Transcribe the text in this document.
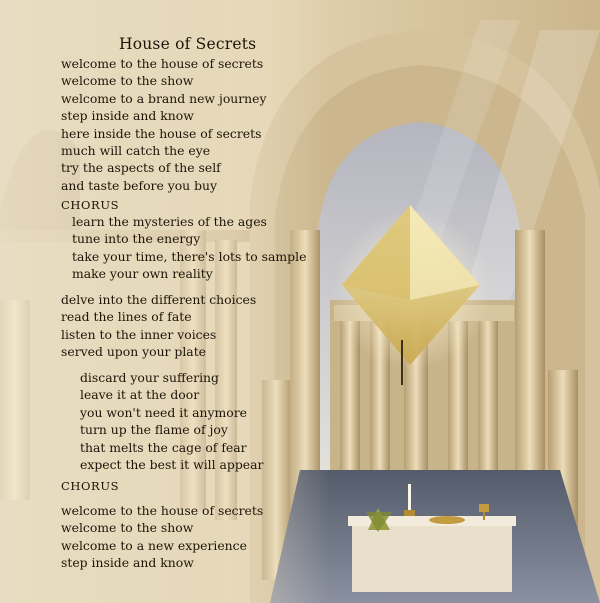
House of Secrets
welcome to the house of secrets
welcome to the show
welcome to a brand new journey
step inside and know
here inside the house of secrets
much will catch the eye
try the aspects of the self
and taste before you buy
CHORUS
learn the mysteries of the ages
tune into the energy
take your time, there's lots to sample
make your own reality
delve into the different choices
read the lines of fate
listen to the inner voices
served upon your plate
discard your suffering
leave it at the door
you won't need it anymore
turn up the flame of joy
that melts the cage of fear
expect the best it will appear
CHORUS
welcome to the house of secrets
welcome to the show
welcome to a new experience
step inside and know
